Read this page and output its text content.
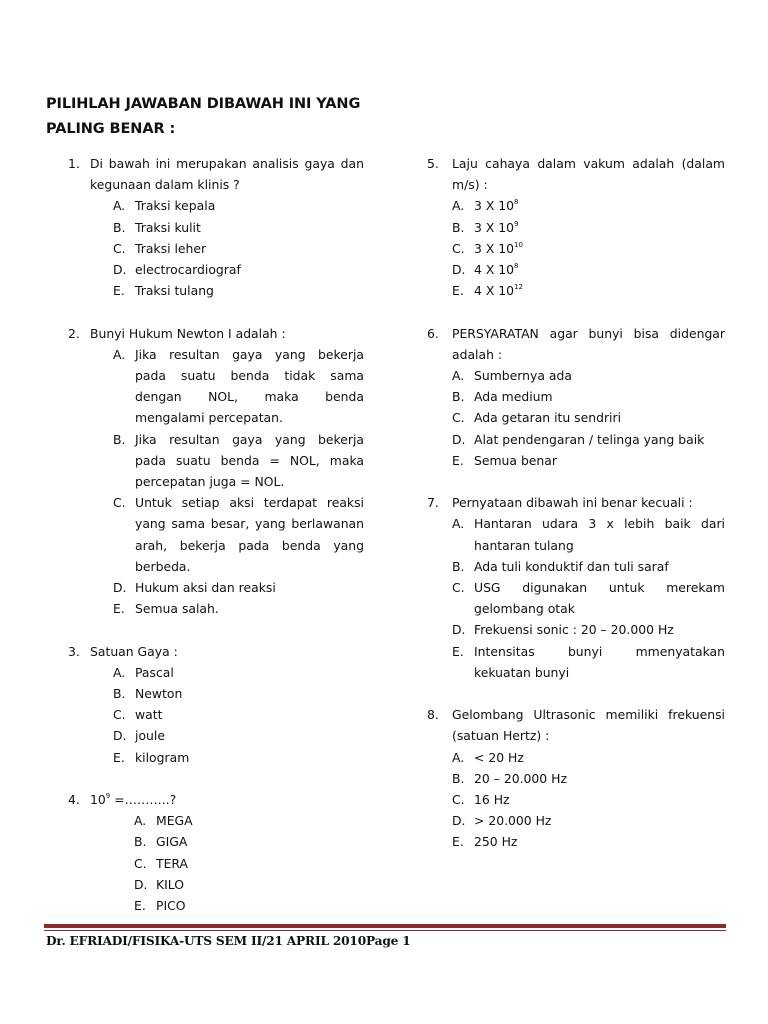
PILIHLAH JAWABAN DIBAWAH INI YANG
PALING BENAR :
1. Di bawah ini merupakan analisis gaya dan kegunaan dalam klinis ?
A. Traksi kepala
B. Traksi kulit
C. Traksi leher
D. electrocardiograf
E. Traksi tulang
2. Bunyi Hukum Newton I adalah :
A. Jika resultan gaya yang bekerja pada suatu benda tidak sama dengan NOL, maka benda mengalami percepatan.
B. Jika resultan gaya yang bekerja pada suatu benda = NOL, maka percepatan juga = NOL.
C. Untuk setiap aksi terdapat reaksi yang sama besar, yang berlawanan arah, bekerja pada benda yang berbeda.
D. Hukum aksi dan reaksi
E. Semua salah.
3. Satuan Gaya :
A. Pascal
B. Newton
C. watt
D. joule
E. kilogram
4. $10^9$ =………..?
A. MEGA
B. GIGA
C. TERA
D. KILO
E. PICO
5.	Laju cahaya dalam vakum adalah (dalam m/s) :
A. 3 X $10^8$
B. 3 X $10^9$
C. 3 X $10^{10}$
D. 4 X $10^8$
E. 4 X $10^{12}$
6.	PERSYARATAN agar bunyi bisa didengar adalah :
A. Sumbernya ada
B. Ada medium
C. Ada getaran itu sendriri
D. Alat pendengaran / telinga yang baik
E. Semua benar
7.	Pernyataan dibawah ini benar kecuali :
A. Hantaran udara 3 x lebih baik dari hantaran tulang
B. Ada tuli konduktif dan tuli saraf
C. USG digunakan untuk merekam gelombang otak
D. Frekuensi sonic : 20 – 20.000 Hz
E. Intensitas bunyi mmenyatakan kekuatan bunyi
8.	Gelombang Ultrasonic memiliki frekuensi (satuan Hertz) :
A. < 20 Hz
B. 20 – 20.000 Hz
C. 16 Hz
D. > 20.000 Hz
E. 250 Hz
Dr. EFRIADI/FISIKA-UTS SEM II/21 APRIL 2010Page 1
